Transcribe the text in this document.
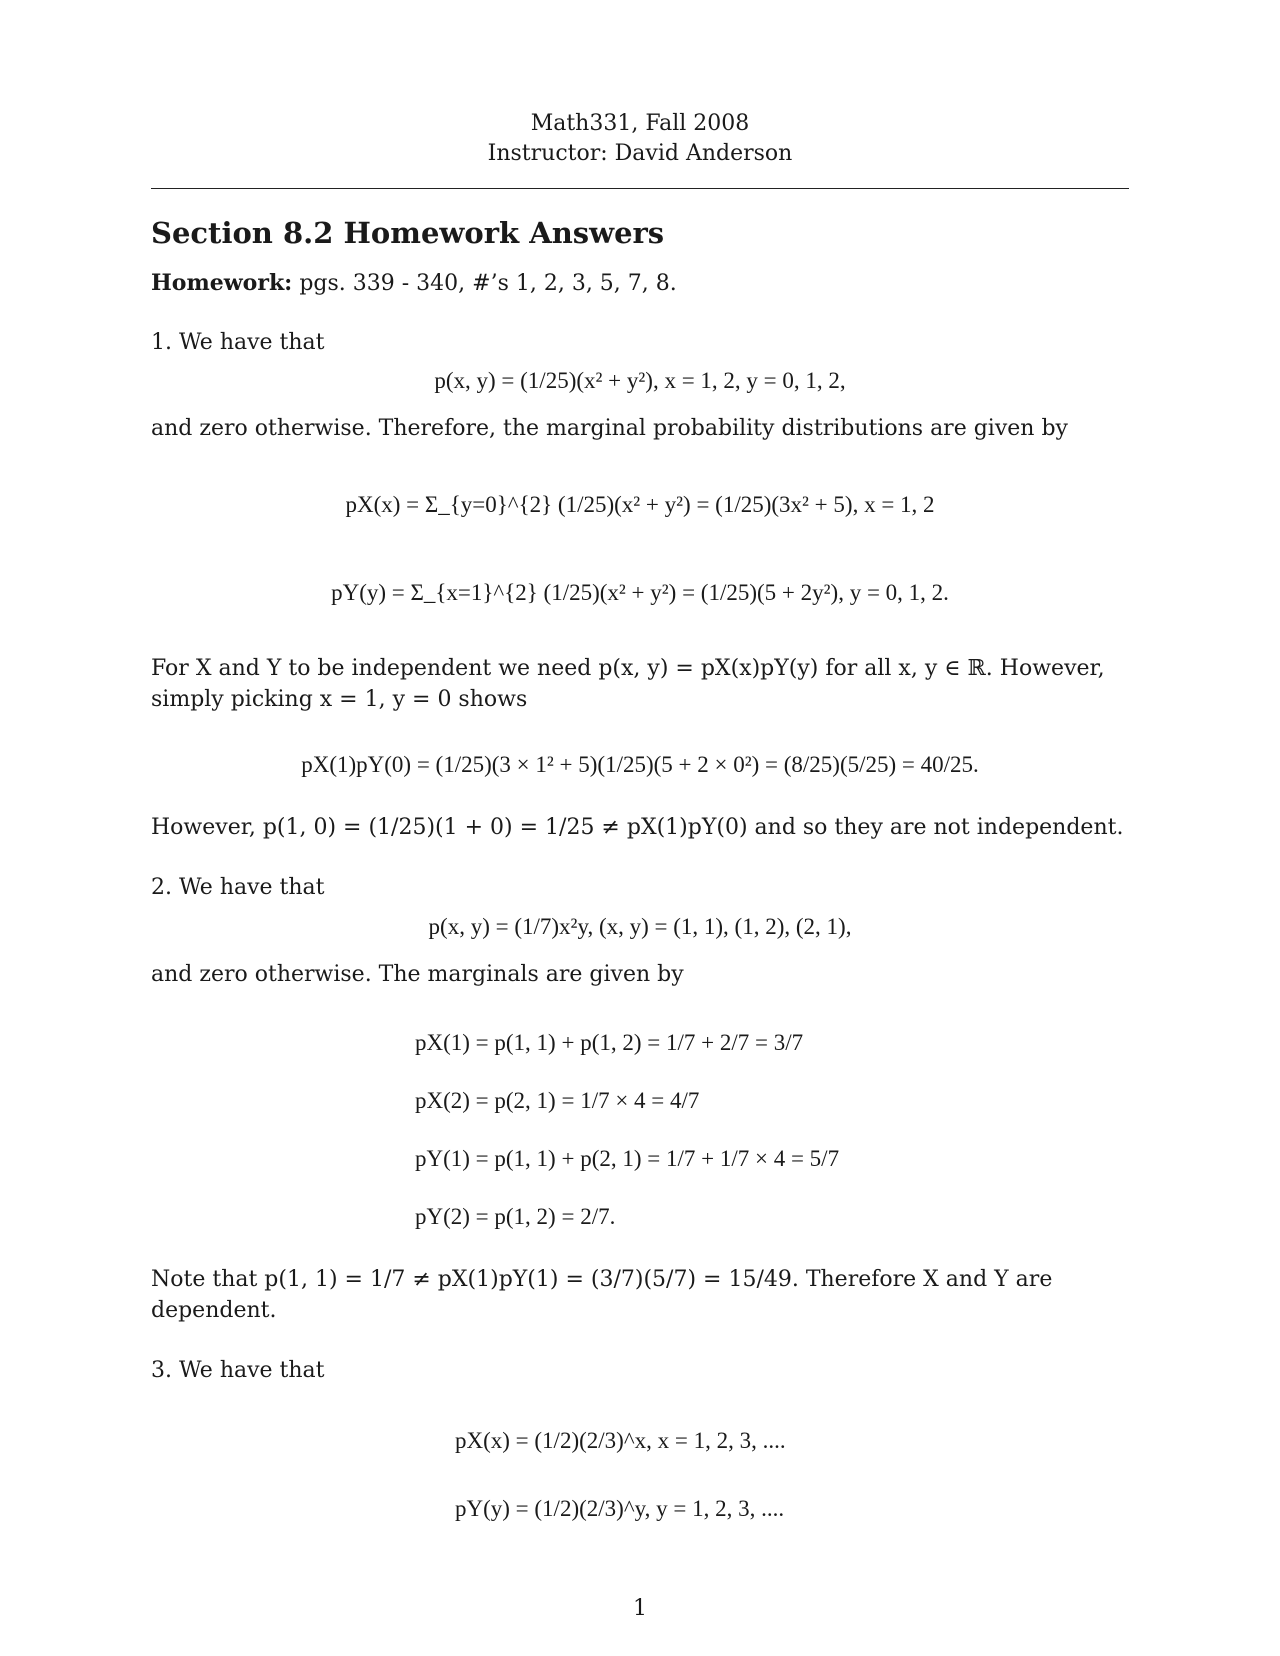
Math331, Fall 2008
Instructor: David Anderson
Section 8.2 Homework Answers
Homework: pgs. 339 - 340, #’s 1, 2, 3, 5, 7, 8.
1. We have that
p(x, y) = (1/25)(x² + y²), x = 1, 2, y = 0, 1, 2,
and zero otherwise. Therefore, the marginal probability distributions are given by
pX(x) = Σ_{y=0}^{2} (1/25)(x² + y²) = (1/25)(3x² + 5), x = 1, 2
pY(y) = Σ_{x=1}^{2} (1/25)(x² + y²) = (1/25)(5 + 2y²), y = 0, 1, 2.
For X and Y to be independent we need p(x, y) = pX(x)pY(y) for all x, y ∈ ℝ. However,
simply picking x = 1, y = 0 shows
pX(1)pY(0) = (1/25)(3 × 1² + 5)(1/25)(5 + 2 × 0²) = (8/25)(5/25) = 40/25.
However, p(1, 0) = (1/25)(1 + 0) = 1/25 ≠ pX(1)pY(0) and so they are not independent.
2. We have that
p(x, y) = (1/7)x²y, (x, y) = (1, 1), (1, 2), (2, 1),
and zero otherwise. The marginals are given by
pX(1) = p(1, 1) + p(1, 2) = 1/7 + 2/7 = 3/7
pX(2) = p(2, 1) = 1/7 × 4 = 4/7
pY(1) = p(1, 1) + p(2, 1) = 1/7 + 1/7 × 4 = 5/7
pY(2) = p(1, 2) = 2/7.
Note that p(1, 1) = 1/7 ≠ pX(1)pY(1) = (3/7)(5/7) = 15/49. Therefore X and Y are
dependent.
3. We have that
pX(x) = (1/2)(2/3)^x, x = 1, 2, 3, ....
pY(y) = (1/2)(2/3)^y, y = 1, 2, 3, ....
1
